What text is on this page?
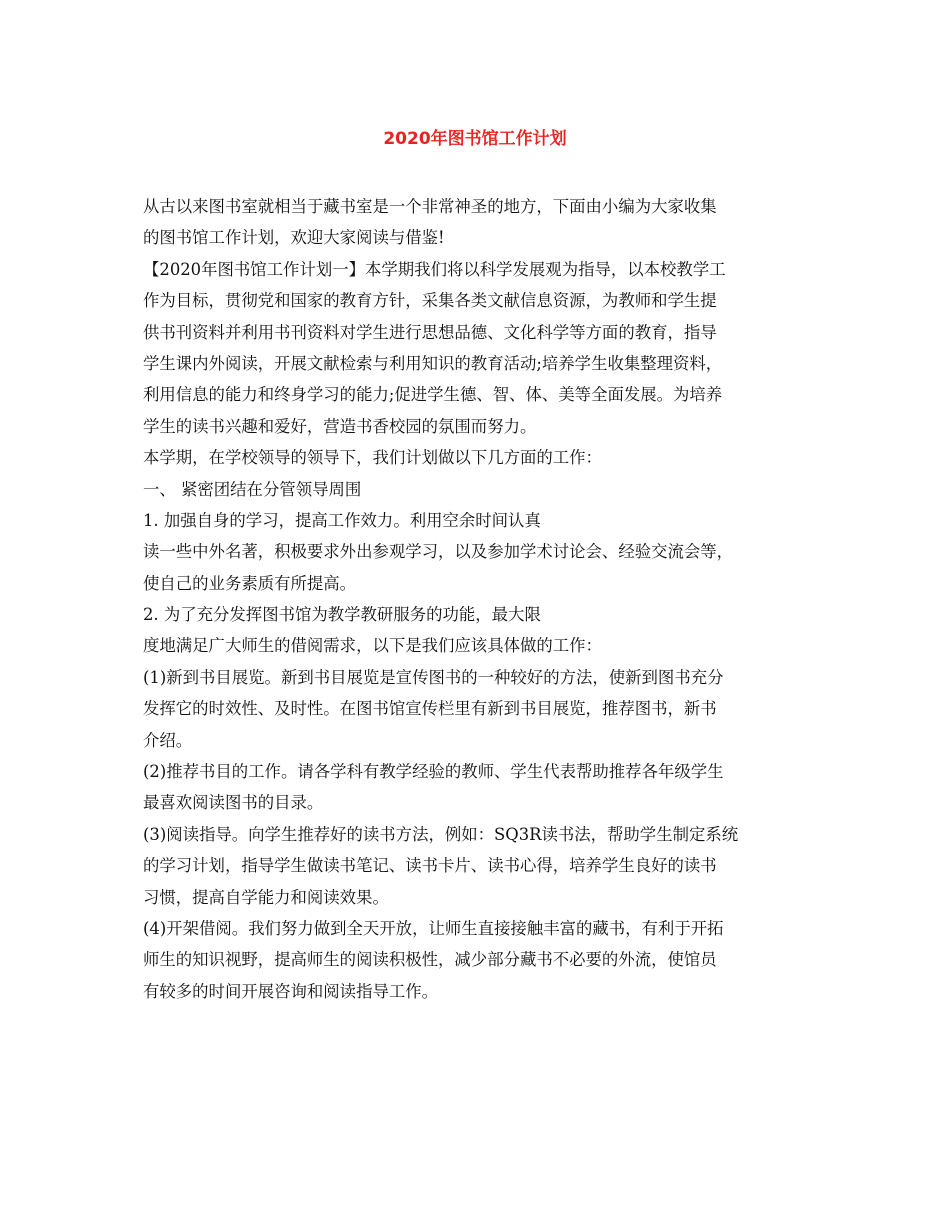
2020年图书馆工作计划
从古以来图书室就相当于藏书室是一个非常神圣的地方，下面由小编为大家收集
的图书馆工作计划，欢迎大家阅读与借鉴!
【2020年图书馆工作计划一】本学期我们将以科学发展观为指导，以本校教学工
作为目标，贯彻党和国家的教育方针，采集各类文献信息资源，为教师和学生提
供书刊资料并利用书刊资料对学生进行思想品德、文化科学等方面的教育，指导
学生课内外阅读，开展文献检索与利用知识的教育活动;培养学生收集整理资料，
利用信息的能力和终身学习的能力;促进学生德、智、体、美等全面发展。为培养
学生的读书兴趣和爱好，营造书香校园的氛围而努力。
本学期，在学校领导的领导下，我们计划做以下几方面的工作：
一、 紧密团结在分管领导周围
1. 加强自身的学习，提高工作效力。利用空余时间认真
读一些中外名著，积极要求外出参观学习，以及参加学术讨论会、经验交流会等，
使自己的业务素质有所提高。
2. 为了充分发挥图书馆为教学教研服务的功能，最大限
度地满足广大师生的借阅需求，以下是我们应该具体做的工作：
(1)新到书目展览。新到书目展览是宣传图书的一种较好的方法，使新到图书充分
发挥它的时效性、及时性。在图书馆宣传栏里有新到书目展览，推荐图书，新书
介绍。
(2)推荐书目的工作。请各学科有教学经验的教师、学生代表帮助推荐各年级学生
最喜欢阅读图书的目录。
(3)阅读指导。向学生推荐好的读书方法，例如：SQ3R读书法，帮助学生制定系统
的学习计划，指导学生做读书笔记、读书卡片、读书心得，培养学生良好的读书
习惯，提高自学能力和阅读效果。
(4)开架借阅。我们努力做到全天开放，让师生直接接触丰富的藏书，有利于开拓
师生的知识视野，提高师生的阅读积极性，减少部分藏书不必要的外流，使馆员
有较多的时间开展咨询和阅读指导工作。
